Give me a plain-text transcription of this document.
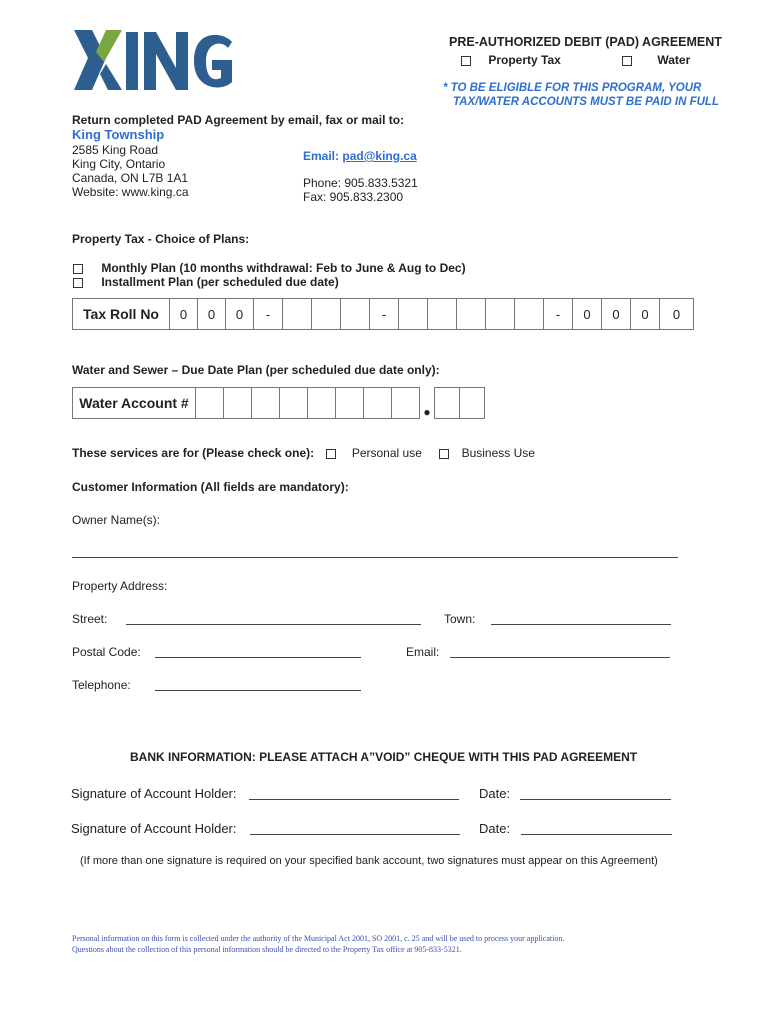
PRE-AUTHORIZED DEBIT (PAD) AGREEMENT
Property Tax	Water
* TO BE ELIGIBLE FOR THIS PROGRAM, YOUR
TAX/WATER ACCOUNTS MUST BE PAID IN FULL
Return completed PAD Agreement by email, fax or mail to:
King Township
2585 King Road
King City, Ontario
Canada, ON L7B 1A1
Website: www.king.ca
Email: pad@king.ca
Phone: 905.833.5321
Fax: 905.833.2300
Property Tax - Choice of Plans:
Monthly Plan (10 months withdrawal: Feb to June & Aug to Dec)
Installment Plan (per scheduled due date)
Tax Roll No	0	0	0	-				-						-	0	0	0	0
Water and Sewer – Due Date Plan (per scheduled due date only):
Water Account #									●		
These services are for (Please check one):	Personal use	Business Use
Customer Information (All fields are mandatory):
Owner Name(s):
Property Address:
Street:	Town:
Postal Code:	Email:
Telephone:
BANK INFORMATION: PLEASE ATTACH A”VOID” CHEQUE WITH THIS PAD AGREEMENT
Signature of Account Holder:	Date:
Signature of Account Holder:	Date:
(If more than one signature is required on your specified bank account, two signatures must appear on this Agreement)
Personal information on this form is collected under the authority of the Municipal Act 2001, SO 2001, c. 25 and will be used to process your application.
Questions about the collection of this personal information should be directed to the Property Tax office at 905-833-5321.
